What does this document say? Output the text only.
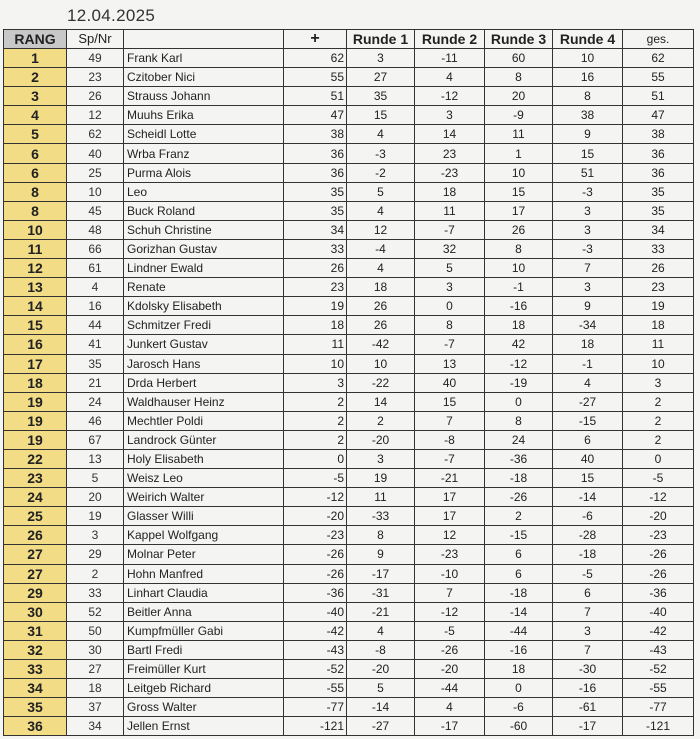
12.04.2025
RANG	Sp/Nr		+	Runde 1	Runde 2	Runde 3	Runde 4	ges.
1	49	Frank Karl	62	3	-11	60	10	62
2	23	Czitober Nici	55	27	4	8	16	55
3	26	Strauss Johann	51	35	-12	20	8	51
4	12	Muuhs Erika	47	15	3	-9	38	47
5	62	Scheidl Lotte	38	4	14	11	9	38
6	40	Wrba Franz	36	-3	23	1	15	36
6	25	Purma Alois	36	-2	-23	10	51	36
8	10	Leo	35	5	18	15	-3	35
8	45	Buck Roland	35	4	11	17	3	35
10	48	Schuh Christine	34	12	-7	26	3	34
11	66	Gorizhan Gustav	33	-4	32	8	-3	33
12	61	Lindner Ewald	26	4	5	10	7	26
13	4	Renate	23	18	3	-1	3	23
14	16	Kdolsky Elisabeth	19	26	0	-16	9	19
15	44	Schmitzer Fredi	18	26	8	18	-34	18
16	41	Junkert Gustav	11	-42	-7	42	18	11
17	35	Jarosch Hans	10	10	13	-12	-1	10
18	21	Drda Herbert	3	-22	40	-19	4	3
19	24	Waldhauser Heinz	2	14	15	0	-27	2
19	46	Mechtler Poldi	2	2	7	8	-15	2
19	67	Landrock Günter	2	-20	-8	24	6	2
22	13	Holy Elisabeth	0	3	-7	-36	40	0
23	5	Weisz Leo	-5	19	-21	-18	15	-5
24	20	Weirich Walter	-12	11	17	-26	-14	-12
25	19	Glasser Willi	-20	-33	17	2	-6	-20
26	3	Kappel Wolfgang	-23	8	12	-15	-28	-23
27	29	Molnar Peter	-26	9	-23	6	-18	-26
27	2	Hohn Manfred	-26	-17	-10	6	-5	-26
29	33	Linhart Claudia	-36	-31	7	-18	6	-36
30	52	Beitler Anna	-40	-21	-12	-14	7	-40
31	50	Kumpfmüller Gabi	-42	4	-5	-44	3	-42
32	30	Bartl Fredi	-43	-8	-26	-16	7	-43
33	27	Freimüller Kurt	-52	-20	-20	18	-30	-52
34	18	Leitgeb Richard	-55	5	-44	0	-16	-55
35	37	Gross Walter	-77	-14	4	-6	-61	-77
36	34	Jellen Ernst	-121	-27	-17	-60	-17	-121
